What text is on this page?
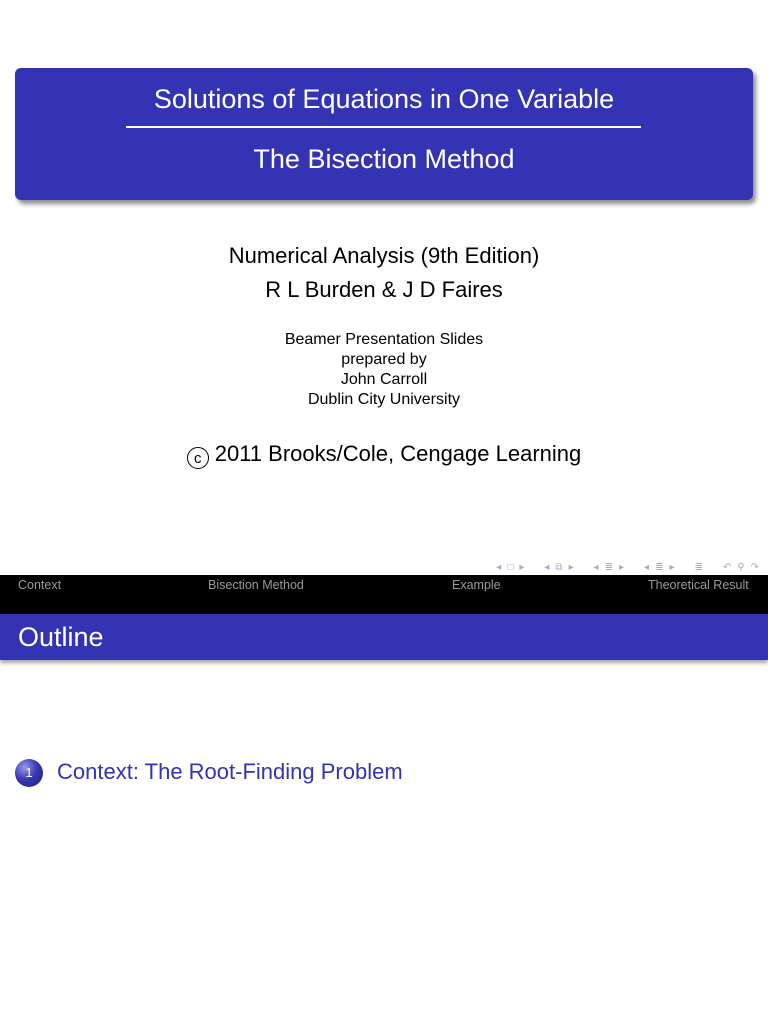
Solutions of Equations in One Variable
The Bisection Method
Numerical Analysis (9th Edition)
R L Burden & J D Faires
Beamer Presentation Slides
prepared by
John Carroll
Dublin City University
c 2011 Brooks/Cole, Cengage Learning
◂ □ ▸ ◂ ⧉ ▸ ◂ ≣ ▸ ◂ ≣ ▸ ≣ ↶ ⚲ ↷
Context	Bisection Method	Example	Theoretical Result
Outline
1	Context: The Root-Finding Problem
